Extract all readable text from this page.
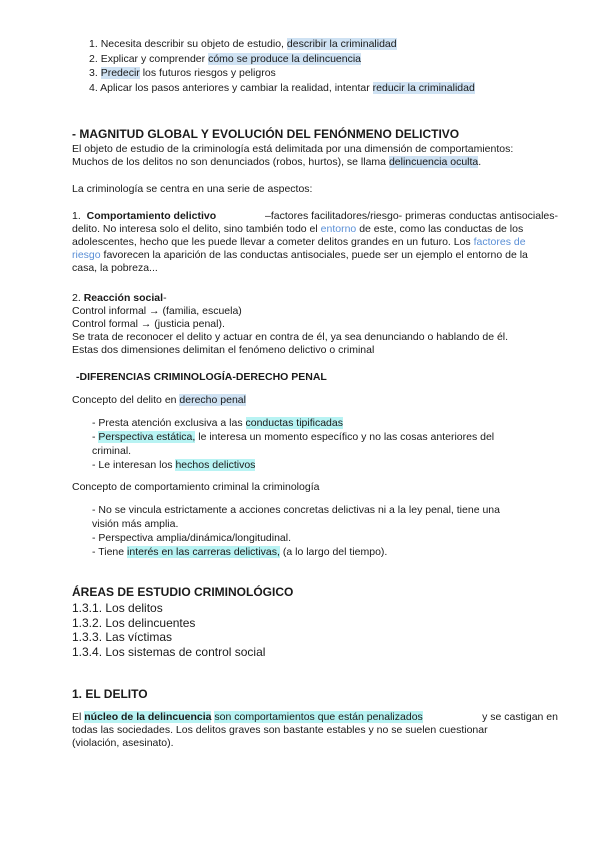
1. Necesita describir su objeto de estudio, describir la criminalidad
2. Explicar y comprender cómo se produce la delincuencia
3. Predecir los futuros riesgos y peligros
4. Aplicar los pasos anteriores y cambiar la realidad, intentar reducir la criminalidad
- MAGNITUD GLOBAL Y EVOLUCIÓN DEL FENÓNMENO DELICTIVO
El objeto de estudio de la criminología está delimitada por una dimensión de comportamientos:
Muchos de los delitos no son denunciados (robos, hurtos), se llama delincuencia oculta.
La criminología se centra en una serie de aspectos:
1. Comportamiento delictivo	–factores facilitadores/riesgo- primeras conductas antisociales-
delito. No interesa solo el delito, sino también todo el entorno de este, como las conductas de los
adolescentes, hecho que les puede llevar a cometer delitos grandes en un futuro. Los factores de
riesgo favorecen la aparición de las conductas antisociales, puede ser un ejemplo el entorno de la
casa, la pobreza...
2. Reacción social-
Control informal → (familia, escuela)
Control formal → (justicia penal).
Se trata de reconocer el delito y actuar en contra de él, ya sea denunciando o hablando de él.
Estas dos dimensiones delimitan el fenómeno delictivo o criminal
-DIFERENCIAS CRIMINOLOGÍA-DERECHO PENAL
Concepto del delito en derecho penal
- Presta atención exclusiva a las conductas tipificadas
- Perspectiva estática, le interesa un momento específico y no las cosas anteriores del
criminal.
- Le interesan los hechos delictivos
Concepto de comportamiento criminal la criminología
- No se vincula estrictamente a acciones concretas delictivas ni a la ley penal, tiene una
visión más amplia.
- Perspectiva amplia/dinámica/longitudinal.
- Tiene interés en las carreras delictivas, (a lo largo del tiempo).
ÁREAS DE ESTUDIO CRIMINOLÓGICO
1.3.1. Los delitos
1.3.2. Los delincuentes
1.3.3. Las víctimas
1.3.4. Los sistemas de control social
1. EL DELITO
El núcleo de la delincuencia son comportamientos que están penalizados	y se castigan en
todas las sociedades. Los delitos graves son bastante estables y no se suelen cuestionar
(violación, asesinato).
